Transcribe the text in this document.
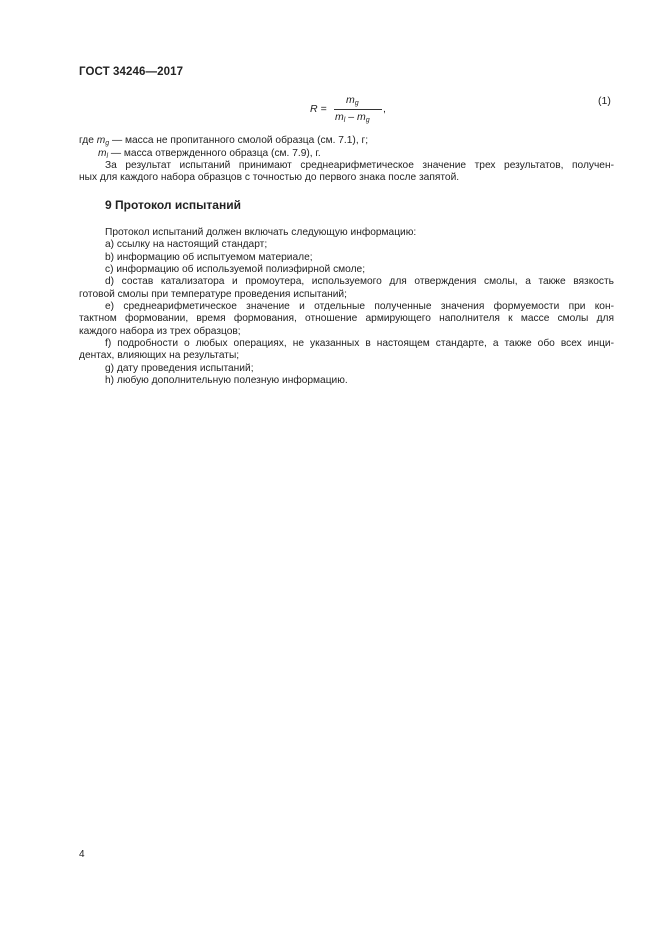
ГОСТ 34246—2017
R =
$m_g$
$m_l - m_g$
,
(1)
где $m_g$ — масса не пропитанного смолой образца (см. 7.1), г;
$m_l$ — масса отвержденного образца (см. 7.9), г.
За результат испытаний принимают среднеарифметическое значение трех результатов, получен-
ных для каждого набора образцов с точностью до первого знака после запятой.
9 Протокол испытаний
Протокол испытаний должен включать следующую информацию:
a) ссылку на настоящий стандарт;
b) информацию об испытуемом материале;
c) информацию об используемой полиэфирной смоле;
d) состав катализатора и промоутера, используемого для отверждения смолы, а также вязкость
готовой смолы при температуре проведения испытаний;
e) среднеарифметическое значение и отдельные полученные значения формуемости при кон-
тактном формовании, время формования, отношение армирующего наполнителя к массе смолы для
каждого набора из трех образцов;
f) подробности о любых операциях, не указанных в настоящем стандарте, а также обо всех инци-
дентах, влияющих на результаты;
g) дату проведения испытаний;
h) любую дополнительную полезную информацию.
4
